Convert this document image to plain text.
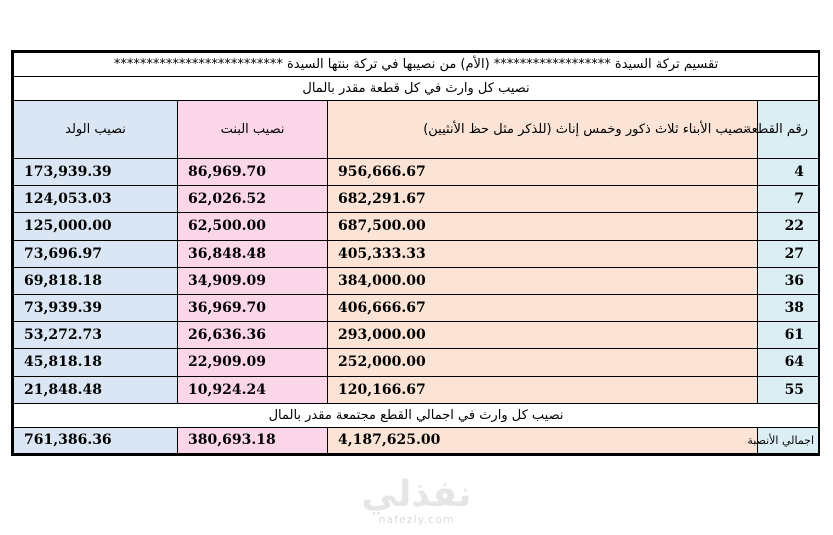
تقسيم تركة السيدة ****************** (الأم) من نصيبها في تركة بنتها السيدة **************************			
نصيب كل وارث في كل قطعة مقدر بالمال			
رقم القطعة	نصيب الأبناء ثلاث ذكور وخمس إناث (للذكر مثل حظ الأنثيين)	نصيب البنت	نصيب الولد
4	956,666.67	86,969.70	173,939.39
7	682,291.67	62,026.52	124,053.03
22	687,500.00	62,500.00	125,000.00
27	405,333.33	36,848.48	73,696.97
36	384,000.00	34,909.09	69,818.18
38	406,666.67	36,969.70	73,939.39
61	293,000.00	26,636.36	53,272.73
64	252,000.00	22,909.09	45,818.18
55	120,166.67	10,924.24	21,848.48
نصيب كل وارث في اجمالي القطع مجتمعة مقدر بالمال			
اجمالي الأنصبة	4,187,625.00	380,693.18	761,386.36
نفذلي
nafezly.com
